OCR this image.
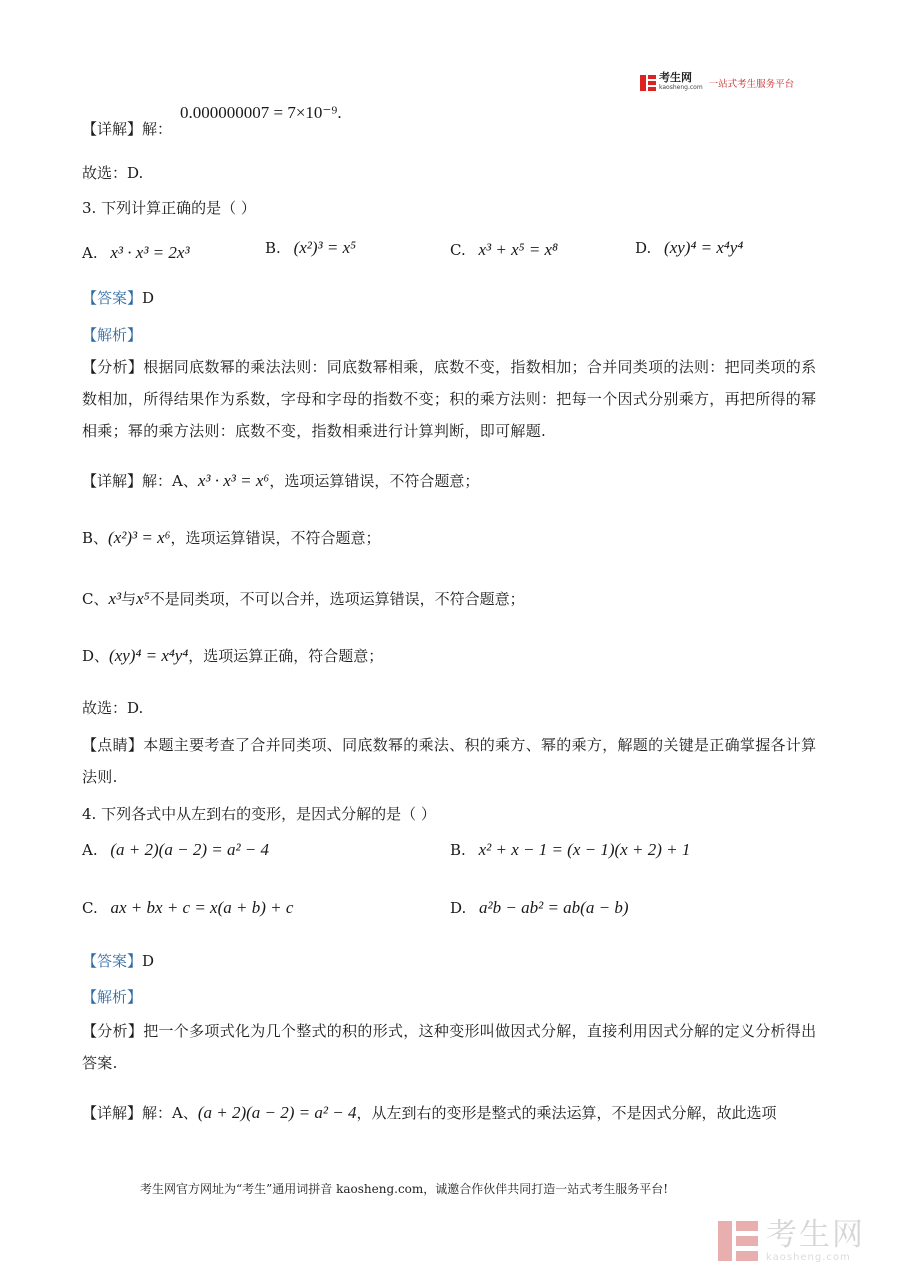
考生网
kaosheng.com 一站式考生服务平台
【详解】解：
0.000000007 = 7×10⁻⁹.
故选：D.
3. 下列计算正确的是（ ）
A. x³ · x³ = 2x³	B. (x²)³ = x⁵	C. x³ + x⁵ = x⁸	D. (xy)⁴ = x⁴y⁴
【答案】D
【解析】
【分析】根据同底数幂的乘法法则：同底数幂相乘，底数不变，指数相加；合并同类项的法则：把同类项的系数相加，所得结果作为系数，字母和字母的指数不变；积的乘方法则：把每一个因式分别乘方，再把所得的幂相乘；幂的乘方法则：底数不变，指数相乘进行计算判断，即可解题.
【详解】解：A、x³ · x³ = x⁶，选项运算错误，不符合题意；
B、(x²)³ = x⁶，选项运算错误，不符合题意；
C、x³与x⁵不是同类项，不可以合并，选项运算错误，不符合题意；
D、(xy)⁴ = x⁴y⁴，选项运算正确，符合题意；
故选：D.
【点睛】本题主要考查了合并同类项、同底数幂的乘法、积的乘方、幂的乘方，解题的关键是正确掌握各计算法则.
4. 下列各式中从左到右的变形，是因式分解的是（ ）
A. (a + 2)(a − 2) = a² − 4	B. x² + x − 1 = (x − 1)(x + 2) + 1
C. ax + bx + c = x(a + b) + c	D. a²b − ab² = ab(a − b)
【答案】D
【解析】
【分析】把一个多项式化为几个整式的积的形式，这种变形叫做因式分解，直接利用因式分解的定义分析得出答案.
【详解】解：A、(a + 2)(a − 2) = a² − 4，从左到右的变形是整式的乘法运算，不是因式分解，故此选项
考生网官方网址为“考生”通用词拼音 kaosheng.com，诚邀合作伙伴共同打造一站式考生服务平台!
考生网
kaosheng.com
